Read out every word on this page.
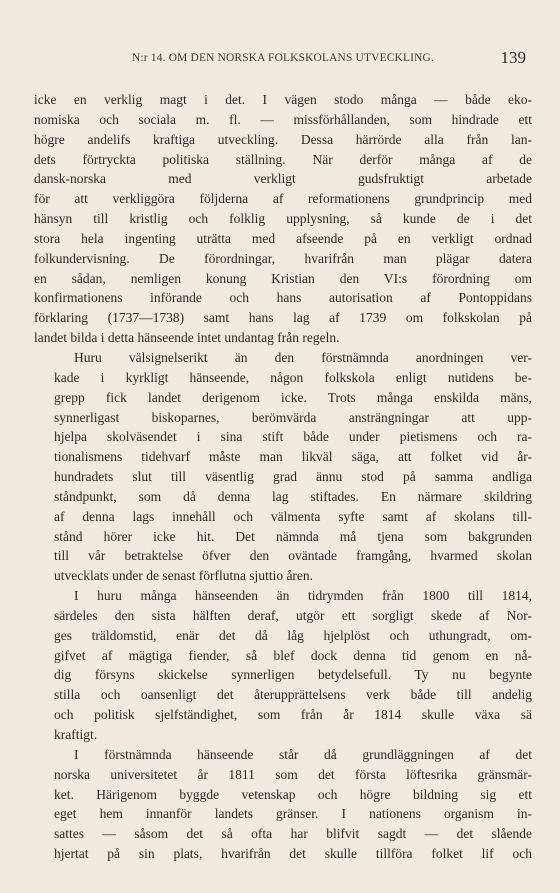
N:r 14. OM DEN NORSKA FOLKSKOLANS UTVECKLING.	139

icke en verklig magt i det. I vägen stodo många — både eko-
nomiska och sociala m. fl. — missförhållanden, som hindrade ett
högre andelifs kraftiga utveckling. Dessa härrörde alla från lan-
dets förtryckta politiska ställning. När derför många af de
dansk-norska med verkligt gudsfruktigt arbetade
för att verkliggöra följderna af reformationens grundprincip med
hänsyn till kristlig och folklig upplysning, så kunde de i det
stora hela ingenting uträtta med afseende på en verkligt ordnad
folkundervisning. De förordningar, hvarifrån man plägar datera
en sådan, nemligen konung Kristian den VI:s förordning om
konfirmationens införande och hans autorisation af Pontoppidans
förklaring (1737—1738) samt hans lag af 1739 om folkskolan på
landet bilda i detta hänseende intet undantag från regeln.

Huru välsignelserikt än den förstnämnda anordningen ver-
kade i kyrkligt hänseende, någon folkskola enligt nutidens be-
grepp fick landet derigenom icke. Trots många enskilda mäns,
synnerligast biskoparnes, berömvärda ansträngningar att upp-
hjelpa skolväsendet i sina stift både under pietismens och ra-
tionalismens tidehvarf måste man likväl säga, att folket vid år-
hundradets slut till väsentlig grad ännu stod på samma andliga
ståndpunkt, som då denna lag stiftades. En närmare skildring
af denna lags innehåll och välmenta syfte samt af skolans till-
stånd hörer icke hit. Det nämnda må tjena som bakgrunden
till vår betraktelse öfver den oväntade framgång, hvarmed skolan
utvecklats under de senast förflutna sjuttio åren.

I huru många hänseenden än tidrymden från 1800 till 1814,
särdeles den sista hälften deraf, utgör ett sorgligt skede af Nor-
ges träldomstid, enär det då låg hjelplöst och uthungradt, om-
gifvet af mägtiga fiender, så blef dock denna tid genom en nå-
dig försyns skickelse synnerligen betydelsefull. Ty nu begynte
stilla och oansenligt det återupprättelsens verk både till andelig
och politisk sjelfständighet, som från år 1814 skulle växa sä
kraftigt.

I förstnämnda hänseende står då grundläggningen af det
norska universitetet år 1811 som det första löftesrika gränsmär-
ket. Härigenom byggde vetenskap och högre bildning sig ett
eget hem innanför landets gränser. I nationens organism in-
sattes — såsom det så ofta har blifvit sagdt — det slående
hjertat på sin plats, hvarifrån det skulle tillföra folket lif och
